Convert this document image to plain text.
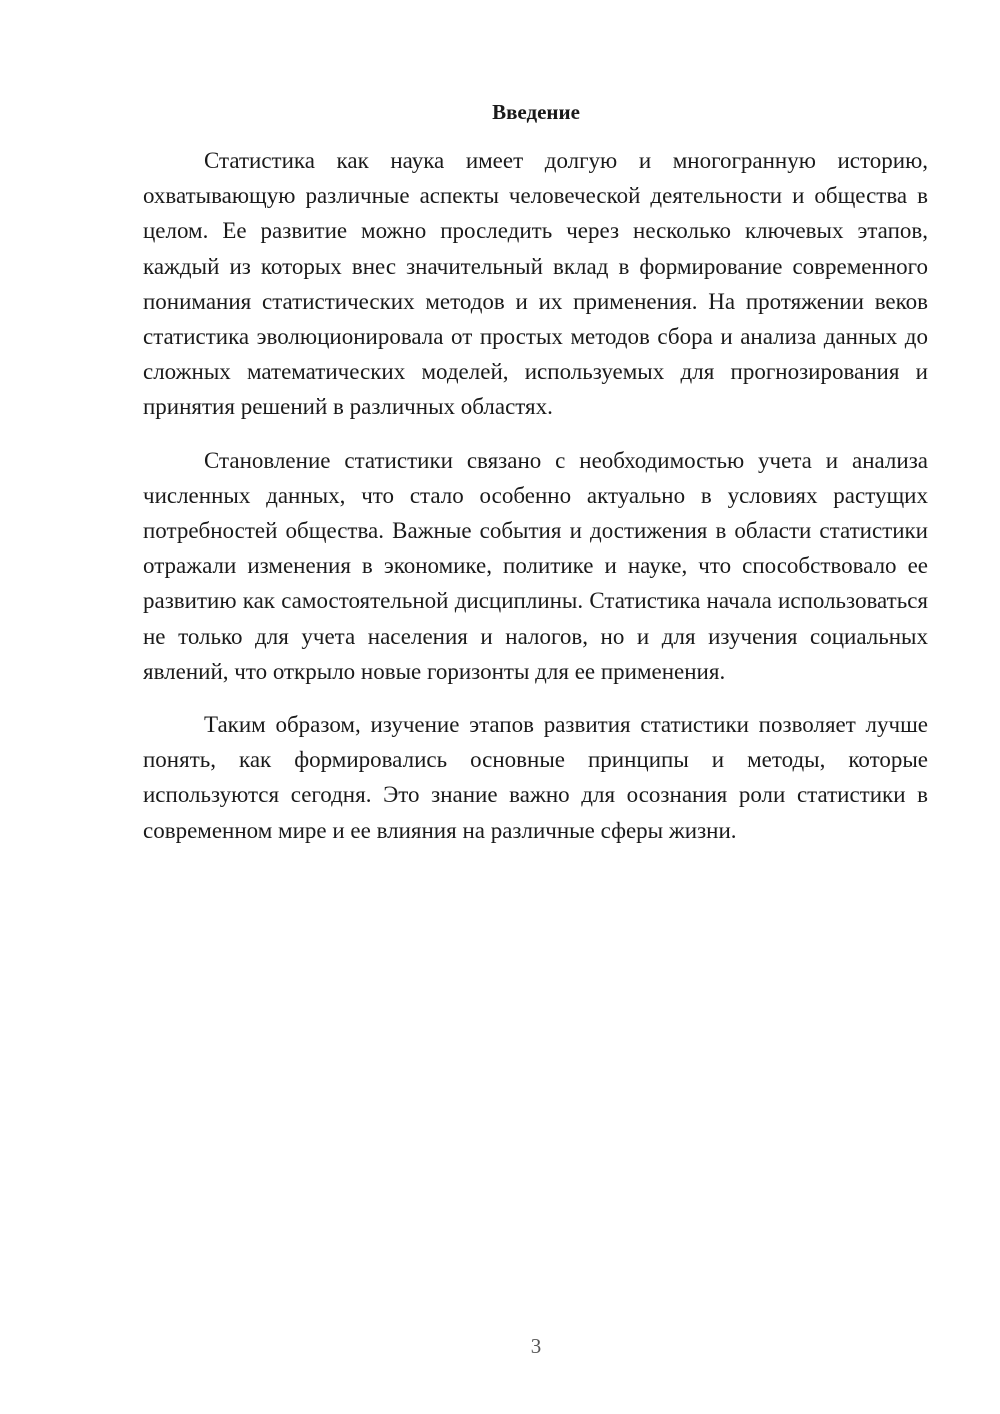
Введение

Статистика как наука имеет долгую и многогранную историю, охватывающую различные аспекты человеческой деятельности и общества в целом. Ее развитие можно проследить через несколько ключевых этапов, каждый из которых внес значительный вклад в формирование современного понимания статистических методов и их применения. На протяжении веков статистика эволюционировала от простых методов сбора и анализа данных до сложных математических моделей, используемых для прогнозирования и принятия решений в различных областях.

Становление статистики связано с необходимостью учета и анализа численных данных, что стало особенно актуально в условиях растущих потребностей общества. Важные события и достижения в области статистики отражали изменения в экономике, политике и науке, что способствовало ее развитию как самостоятельной дисциплины. Статистика начала использоваться не только для учета населения и налогов, но и для изучения социальных явлений, что открыло новые горизонты для ее применения.

Таким образом, изучение этапов развития статистики позволяет лучше понять, как формировались основные принципы и методы, которые используются сегодня. Это знание важно для осознания роли статистики в современном мире и ее влияния на различные сферы жизни.

3
